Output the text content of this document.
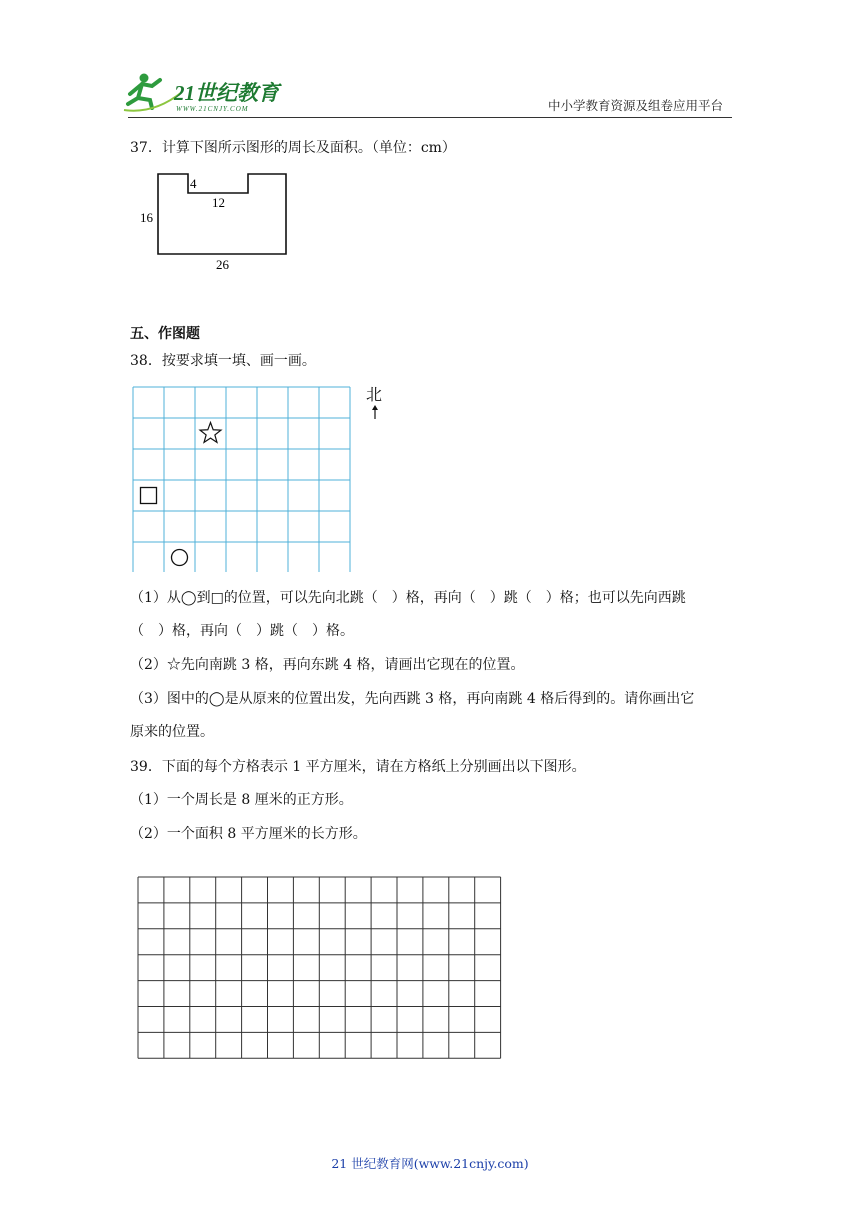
21世纪教育
WWW.21CNJY.COM	中小学教育资源及组卷应用平台
37．计算下图所示图形的周长及面积。（单位：cm）
4
12
16
26
五、作图题
38．按要求填一填、画一画。
北
（1）从◯到□的位置，可以先向北跳（　）格，再向（　）跳（　）格；也可以先向西跳
（　）格，再向（　）跳（　）格。
（2）☆先向南跳 3 格，再向东跳 4 格，请画出它现在的位置。
（3）图中的◯是从原来的位置出发，先向西跳 3 格，再向南跳 4 格后得到的。请你画出它
原来的位置。
39．下面的每个方格表示 1 平方厘米，请在方格纸上分别画出以下图形。
（1）一个周长是 8 厘米的正方形。
（2）一个面积 8 平方厘米的长方形。
21 世纪教育网(www.21cnjy.com)
